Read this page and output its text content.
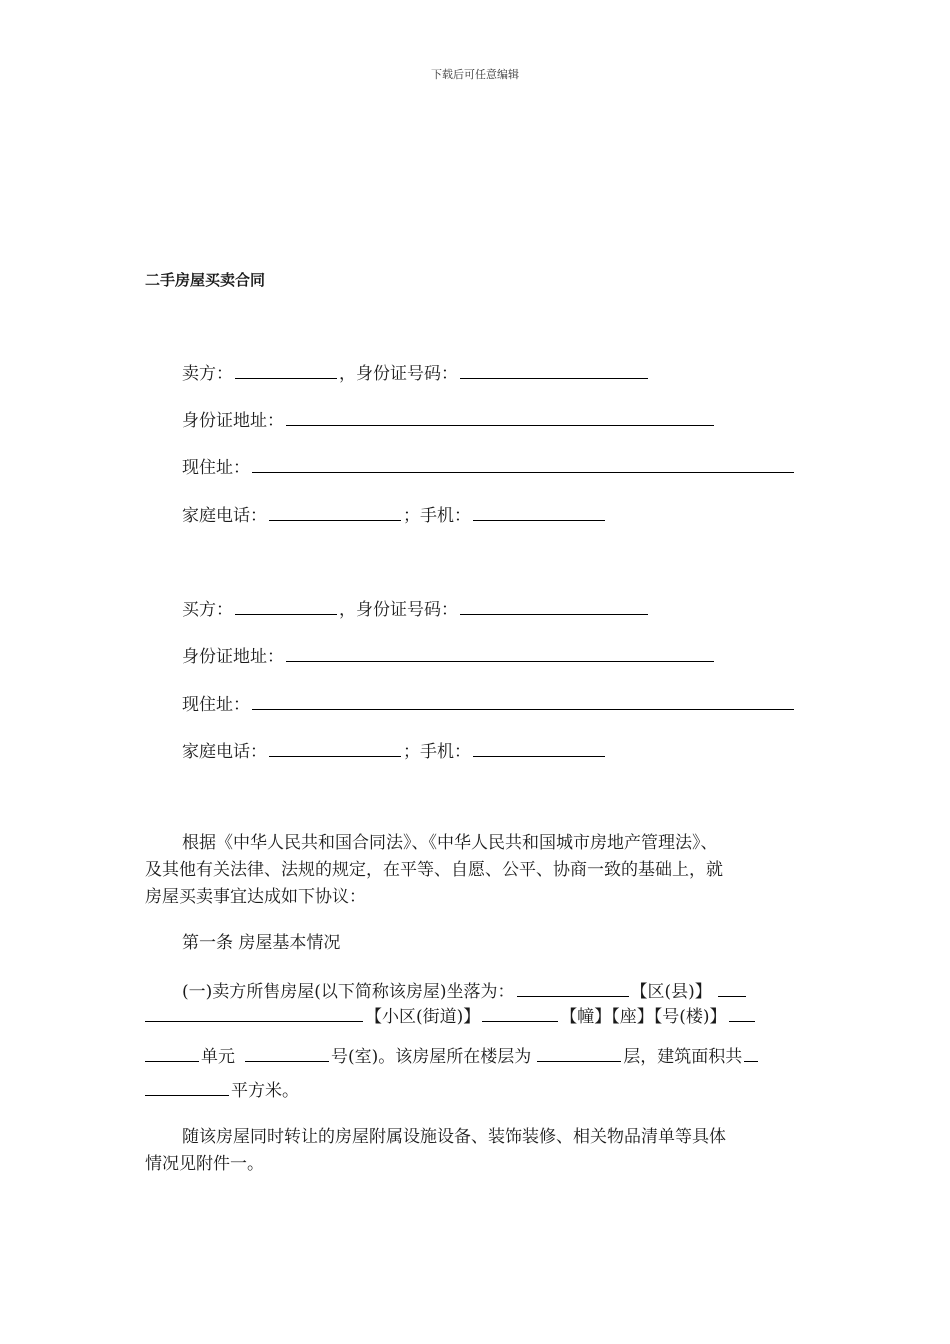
下载后可任意编辑
二手房屋买卖合同
卖方：	，身份证号码：
身份证地址：
现住址：
家庭电话：	；手机：
买方：	，身份证号码：
身份证地址：
现住址：
家庭电话：	；手机：
根据《中华人民共和国合同法》、《中华人民共和国城市房地产管理法》、
及其他有关法律、法规的规定，在平等、自愿、公平、协商一致的基础上，就
房屋买卖事宜达成如下协议：
第一条 房屋基本情况
(一)卖方所售房屋(以下简称该房屋)坐落为：	【区(县)】
【小区(街道)】	【幢】【座】【号(楼)】
单元	号(室)。该房屋所在楼层为	层，建筑面积共
平方米。
随该房屋同时转让的房屋附属设施设备、装饰装修、相关物品清单等具体
情况见附件一。
